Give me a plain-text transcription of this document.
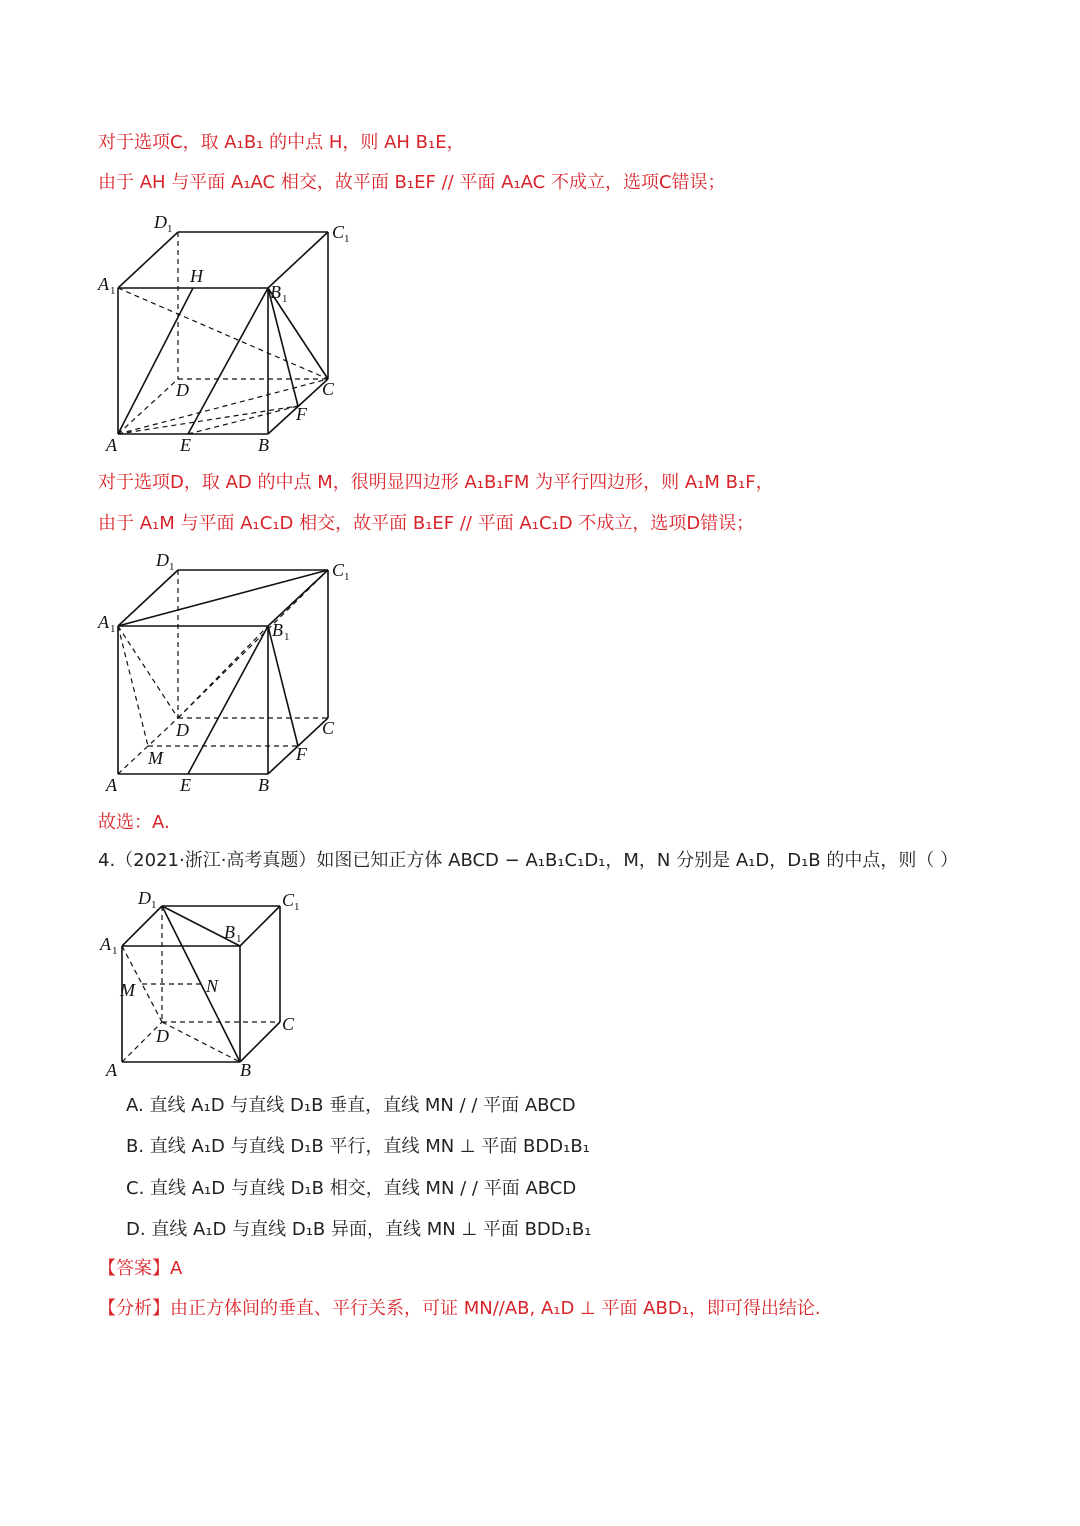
对于选项C，取 A₁B₁ 的中点 H，则 AH B₁E，
由于 AH 与平面 A₁AC 相交，故平面 B₁EF // 平面 A₁AC 不成立，选项C错误；
D 1	C 1
A 1
H
B 1
D	C
F
A	E	B
对于选项D，取 AD 的中点 M，很明显四边形 A₁B₁FM 为平行四边形，则 A₁M B₁F，
由于 A₁M 与平面 A₁C₁D 相交，故平面 B₁EF // 平面 A₁C₁D 不成立，选项D错误；
D 1	C 1
A 1	B 1
D	C
M	F
A	E	B
故选：A.
4.（2021·浙江·高考真题）如图已知正方体 ABCD − A₁B₁C₁D₁，M，N 分别是 A₁D，D₁B 的中点，则（ ）
D 1	C 1
A 1
B 1
M	N
D
C
A	B
A. 直线 A₁D 与直线 D₁B 垂直，直线 MN / / 平面 ABCD
B. 直线 A₁D 与直线 D₁B 平行，直线 MN ⊥ 平面 BDD₁B₁
C. 直线 A₁D 与直线 D₁B 相交，直线 MN / / 平面 ABCD
D. 直线 A₁D 与直线 D₁B 异面，直线 MN ⊥ 平面 BDD₁B₁
【答案】A
【分析】由正方体间的垂直、平行关系，可证 MN//AB, A₁D ⊥ 平面 ABD₁，即可得出结论.
